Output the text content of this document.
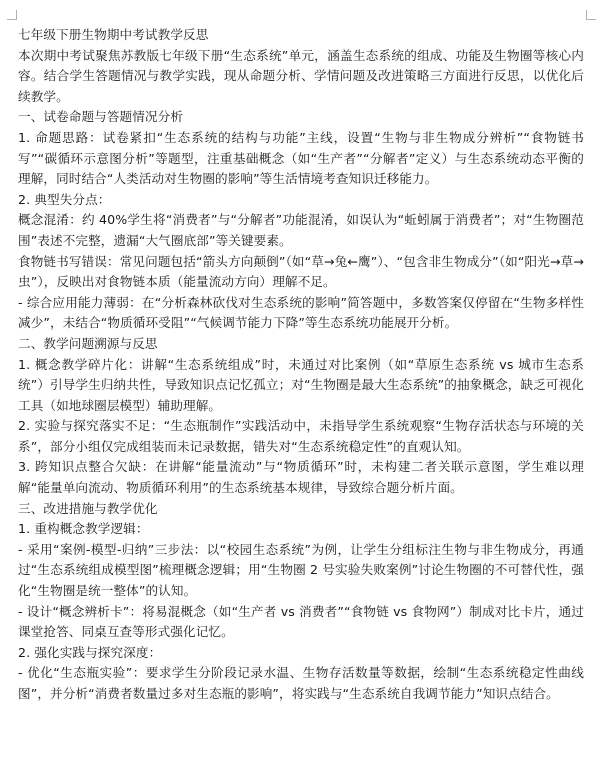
七年级下册生物期中考试教学反思

本次期中考试聚焦苏教版七年级下册“生态系统”单元，涵盖生态系统的组成、功能及生物圈等核心内容。结合学生答题情况与教学实践，现从命题分析、学情问题及改进策略三方面进行反思，以优化后续教学。

一、试卷命题与答题情况分析

1. 命题思路：试卷紧扣“生态系统的结构与功能”主线，设置“生物与非生物成分辨析”“食物链书写”“碳循环示意图分析”等题型，注重基础概念（如“生产者”“分解者”定义）与生态系统动态平衡的理解，同时结合“人类活动对生物圈的影响”等生活情境考查知识迁移能力。

2. 典型失分点：

概念混淆：约 40%学生将“消费者”与“分解者”功能混淆，如误认为“蚯蚓属于消费者”；对“生物圈范围”表述不完整，遗漏“大气圈底部”等关键要素。

食物链书写错误：常见问题包括“箭头方向颠倒”（如“草→兔←鹰”）、“包含非生物成分”（如“阳光→草→虫”），反映出对食物链本质（能量流动方向）理解不足。

- 综合应用能力薄弱：在“分析森林砍伐对生态系统的影响”简答题中，多数答案仅停留在“生物多样性减少”，未结合“物质循环受阻”“气候调节能力下降”等生态系统功能展开分析。

二、教学问题溯源与反思

1. 概念教学碎片化：讲解“生态系统组成”时，未通过对比案例（如“草原生态系统 vs 城市生态系统”）引导学生归纳共性，导致知识点记忆孤立；对“生物圈是最大生态系统”的抽象概念，缺乏可视化工具（如地球圈层模型）辅助理解。

2. 实验与探究落实不足：“生态瓶制作”实践活动中，未指导学生系统观察“生物存活状态与环境的关系”，部分小组仅完成组装而未记录数据，错失对“生态系统稳定性”的直观认知。

3. 跨知识点整合欠缺：在讲解“能量流动”与“物质循环”时，未构建二者关联示意图，学生难以理解“能量单向流动、物质循环利用”的生态系统基本规律，导致综合题分析片面。

三、改进措施与教学优化

1. 重构概念教学逻辑：

- 采用“案例-模型-归纳”三步法：以“校园生态系统”为例，让学生分组标注生物与非生物成分，再通过“生态系统组成模型图”梳理概念逻辑；用“生物圈 2 号实验失败案例”讨论生物圈的不可替代性，强化“生物圈是统一整体”的认知。

- 设计“概念辨析卡”：将易混概念（如“生产者 vs 消费者”“食物链 vs 食物网”）制成对比卡片，通过课堂抢答、同桌互查等形式强化记忆。

2. 强化实践与探究深度：

- 优化“生态瓶实验”：要求学生分阶段记录水温、生物存活数量等数据，绘制“生态系统稳定性曲线图”，并分析“消费者数量过多对生态瓶的影响”，将实践与“生态系统自我调节能力”知识点结合。
